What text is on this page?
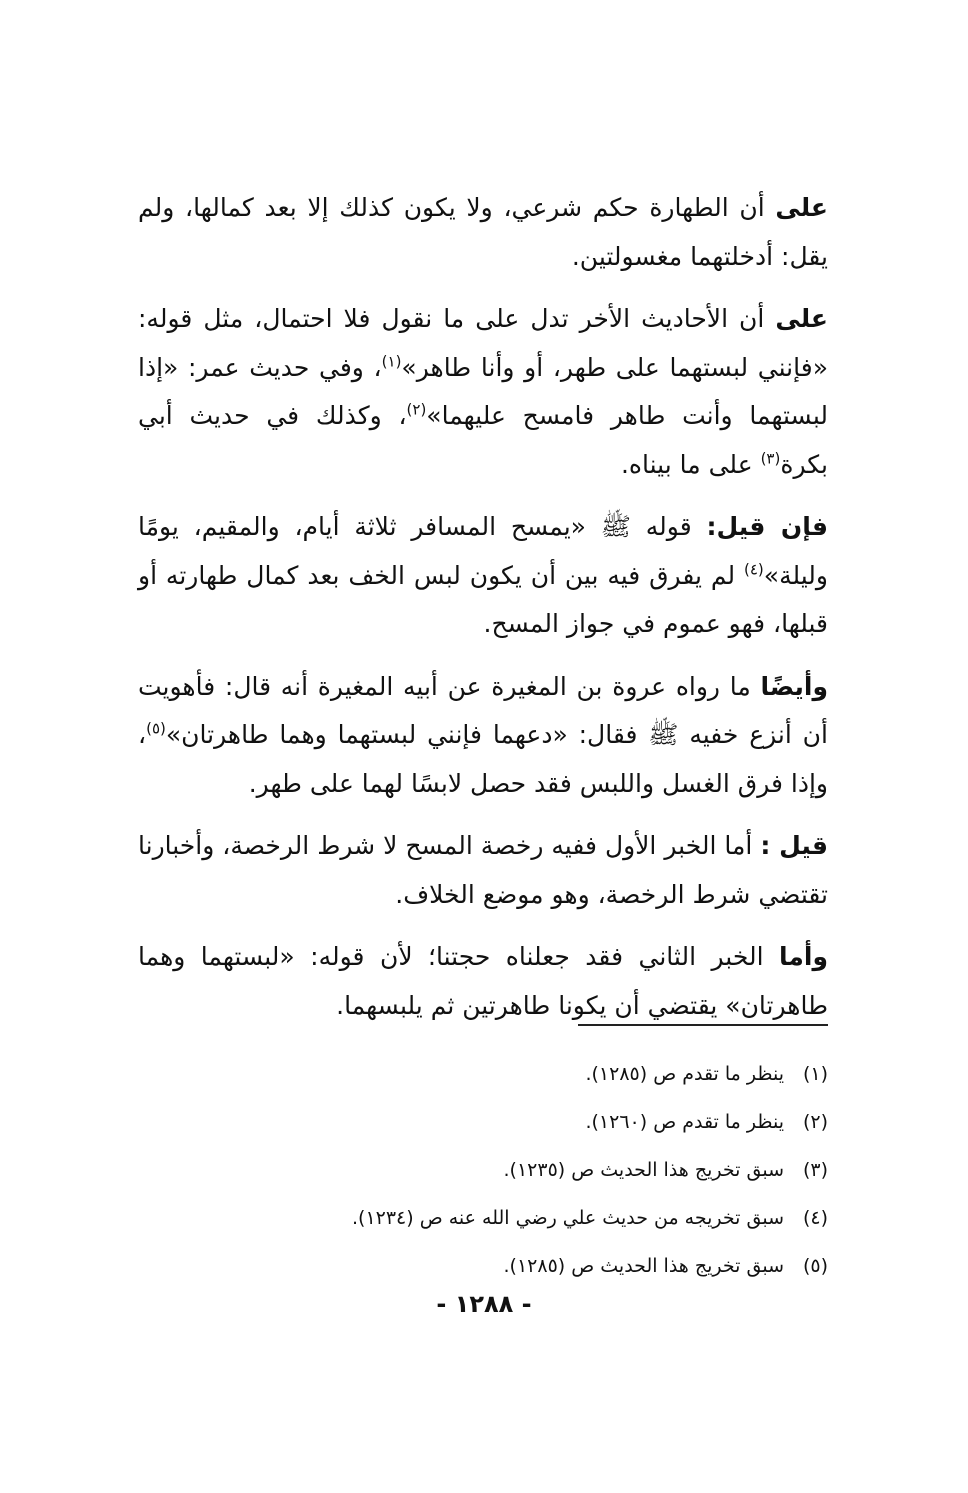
على أن الطهارة حكم شرعي، ولا يكون كذلك إلا بعد كمالها، ولم يقل: أدخلتهما مغسولتين.

على أن الأحاديث الأخر تدل على ما نقول فلا احتمال، مثل قوله: «فإنني لبستهما على طهر، أو وأنا طاهر»$^{(١)}$، وفي حديث عمر: «إذا لبستهما وأنت طاهر فامسح عليهما»$^{(٢)}$، وكذلك في حديث أبي بكرة$^{(٣)}$ على ما بيناه.

فإن قيل: قوله ﷺ «يمسح المسافر ثلاثة أيام، والمقيم، يومًا وليلة»$^{(٤)}$ لم يفرق فيه بين أن يكون لبس الخف بعد كمال طهارته أو قبلها، فهو عموم في جواز المسح.

وأيضًا ما رواه عروة بن المغيرة عن أبيه المغيرة أنه قال: فأهويت أن أنزع خفيه ﷺ فقال: «دعهما فإنني لبستهما وهما طاهرتان»$^{(٥)}$، وإذا فرق الغسل واللبس فقد حصل لابسًا لهما على طهر.

قيل : أما الخبر الأول ففيه رخصة المسح لا شرط الرخصة، وأخبارنا تقتضي شرط الرخصة، وهو موضع الخلاف.

وأما الخبر الثاني فقد جعلناه حجتنا؛ لأن قوله: «لبستهما وهما طاهرتان» يقتضي أن يكونا طاهرتين ثم يلبسهما.

(١)
ينظر ما تقدم ص (١٢٨٥).
(٢)
ينظر ما تقدم ص (١٢٦٠).
(٣)
سبق تخريج هذا الحديث ص (١٢٣٥).
(٤)
سبق تخريجه من حديث علي رضي الله عنه ص (١٢٣٤).
(٥)
سبق تخريج هذا الحديث ص (١٢٨٥).
- ١٢٨٨ -
